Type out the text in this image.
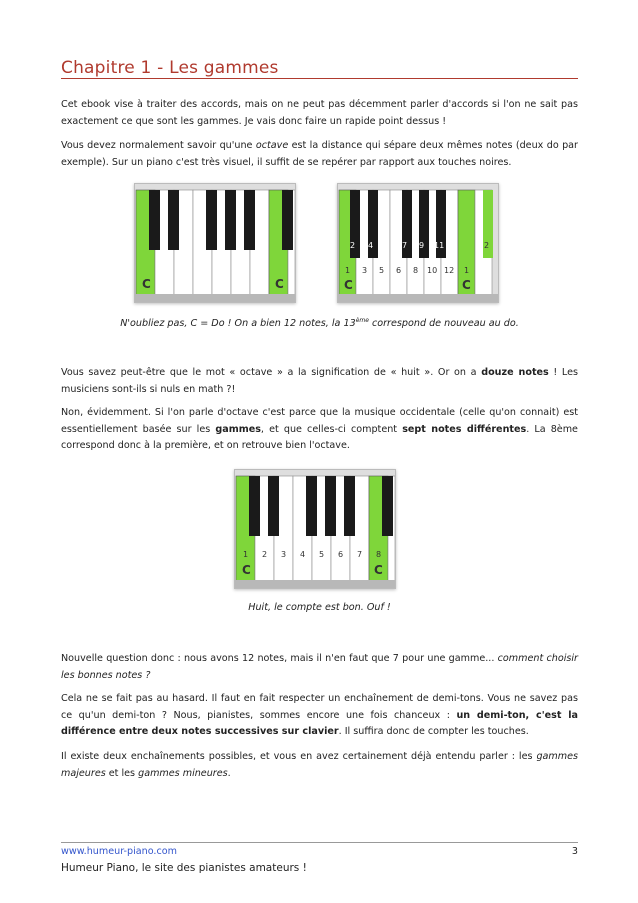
Chapitre 1 - Les gammes
Cet ebook vise à traiter des accords, mais on ne peut pas décemment parler d'accords si l'on ne sait pas exactement ce que sont les gammes. Je vais donc faire un rapide point dessus !
Vous devez normalement savoir qu'une octave est la distance qui sépare deux mêmes notes (deux do par exemple). Sur un piano c'est très visuel, il suffit de se repérer par rapport aux touches noires.
C	C
2 4	7 9 11	2
1 3 5 6 8 10 12 1
C	C
N'oubliez pas, C = Do ! On a bien 12 notes, la 13ème correspond de nouveau au do.
Vous savez peut-être que le mot « octave » a la signification de « huit ». Or on a douze notes ! Les musiciens sont-ils si nuls en math ?!
Non, évidemment. Si l'on parle d'octave c'est parce que la musique occidentale (celle qu'on connait) est essentiellement basée sur les gammes, et que celles-ci comptent sept notes différentes. La 8ème correspond donc à la première, et on retrouve bien l'octave.
1 2 3 4 5 6 7 8
C	C
Huit, le compte est bon. Ouf !
Nouvelle question donc : nous avons 12 notes, mais il n'en faut que 7 pour une gamme... comment choisir les bonnes notes ?
Cela ne se fait pas au hasard. Il faut en fait respecter un enchaînement de demi-tons. Vous ne savez pas ce qu'un demi-ton ? Nous, pianistes, sommes encore une fois chanceux : un demi-ton, c'est la différence entre deux notes successives sur clavier. Il suffira donc de compter les touches.
Il existe deux enchaînements possibles, et vous en avez certainement déjà entendu parler : les gammes majeures et les gammes mineures.
www.humeur-piano.com	3
Humeur Piano, le site des pianistes amateurs !
